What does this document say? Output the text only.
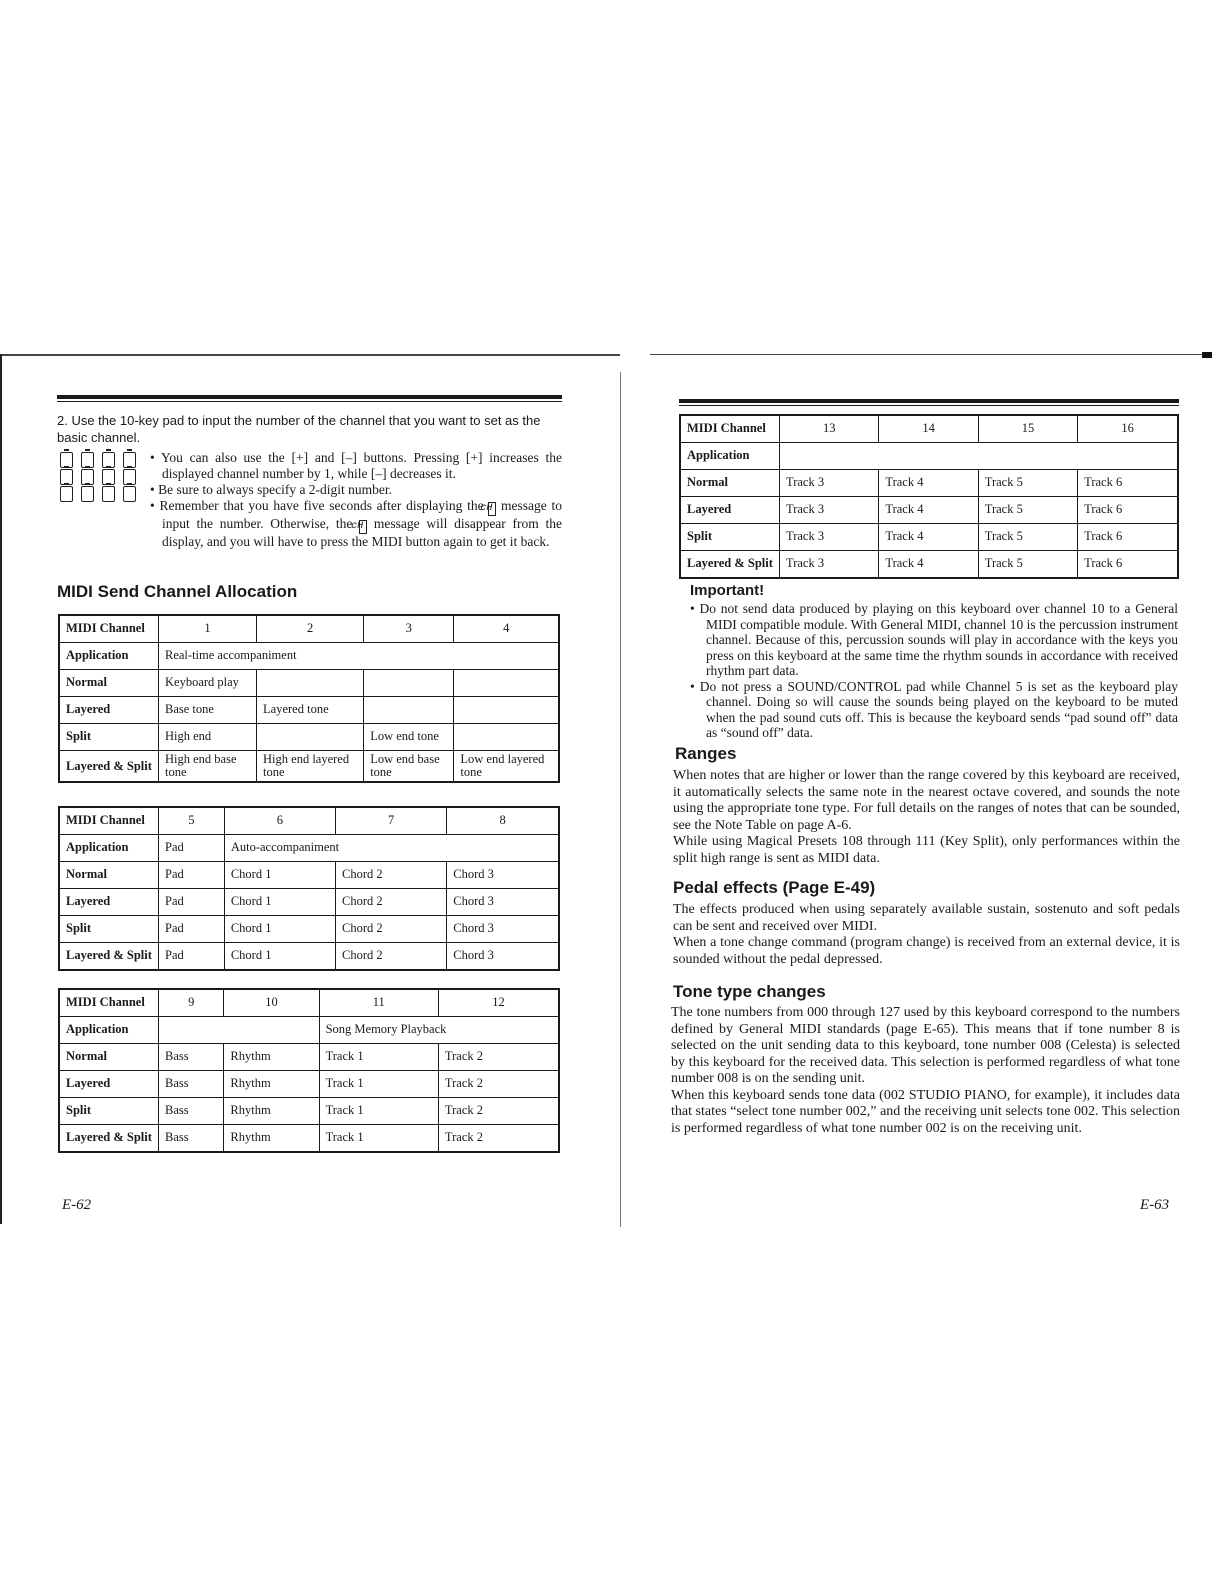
2. Use the 10-key pad to input the number of the channel that you want to set as the basic channel.

• You can also use the [+] and [–] buttons. Pressing [+] increases the displayed channel number by 1, while [–] decreases it.

• Be sure to always specify a 2-digit number.

• Remember that you have five seconds after displaying the cH message to input the number. Otherwise, the cH message will disappear from the display, and you will have to press the MIDI button again to get it back.

MIDI Send Channel Allocation
MIDI Channel	1	2	3	4
Application	Real-time accompaniment			
Normal	Keyboard play			
Layered	Base tone	Layered tone		
Split	High end		Low end tone	
Layered & Split	High end base tone	High end layered tone	Low end base tone	Low end layered tone
MIDI Channel	5	6	7	8
Application	Pad	Auto-accompaniment		
Normal	Pad	Chord 1	Chord 2	Chord 3
Layered	Pad	Chord 1	Chord 2	Chord 3
Split	Pad	Chord 1	Chord 2	Chord 3
Layered & Split	Pad	Chord 1	Chord 2	Chord 3
MIDI Channel	9	10	11	12
Application			Song Memory Playback	
Normal	Bass	Rhythm	Track 1	Track 2
Layered	Bass	Rhythm	Track 1	Track 2
Split	Bass	Rhythm	Track 1	Track 2
Layered & Split	Bass	Rhythm	Track 1	Track 2
E-62
MIDI Channel	13	14	15	16
Application				
Normal	Track 3	Track 4	Track 5	Track 6
Layered	Track 3	Track 4	Track 5	Track 6
Split	Track 3	Track 4	Track 5	Track 6
Layered & Split	Track 3	Track 4	Track 5	Track 6
Important!

• Do not send data produced by playing on this keyboard over channel 10 to a General MIDI compatible module. With General MIDI, channel 10 is the percussion instrument channel. Because of this, percussion sounds will play in accordance with the keys you press on this keyboard at the same time the rhythm sounds in accordance with received rhythm part data.

• Do not press a SOUND/CONTROL pad while Channel 5 is set as the keyboard play channel. Doing so will cause the sounds being played on the keyboard to be muted when the pad sound cuts off. This is because the keyboard sends “pad sound off” data as “sound off” data.

Ranges

When notes that are higher or lower than the range covered by this keyboard are received, it automatically selects the same note in the nearest octave covered, and sounds the note using the appropriate tone type. For full details on the ranges of notes that can be sounded, see the Note Table on page A-6.

While using Magical Presets 108 through 111 (Key Split), only performances within the split high range is sent as MIDI data.

Pedal effects (Page E-49)

The effects produced when using separately available sustain, sostenuto and soft pedals can be sent and received over MIDI.

When a tone change command (program change) is received from an external device, it is sounded without the pedal depressed.

Tone type changes

The tone numbers from 000 through 127 used by this keyboard correspond to the numbers defined by General MIDI standards (page E-65). This means that if tone number 8 is selected on the unit sending data to this keyboard, tone number 008 (Celesta) is selected by this keyboard for the received data. This selection is performed regardless of what tone number 008 is on the sending unit.

When this keyboard sends tone data (002 STUDIO PIANO, for example), it includes data that states “select tone number 002,” and the receiving unit selects tone 002. This selection is performed regardless of what tone number 002 is on the receiving unit.

E-63
